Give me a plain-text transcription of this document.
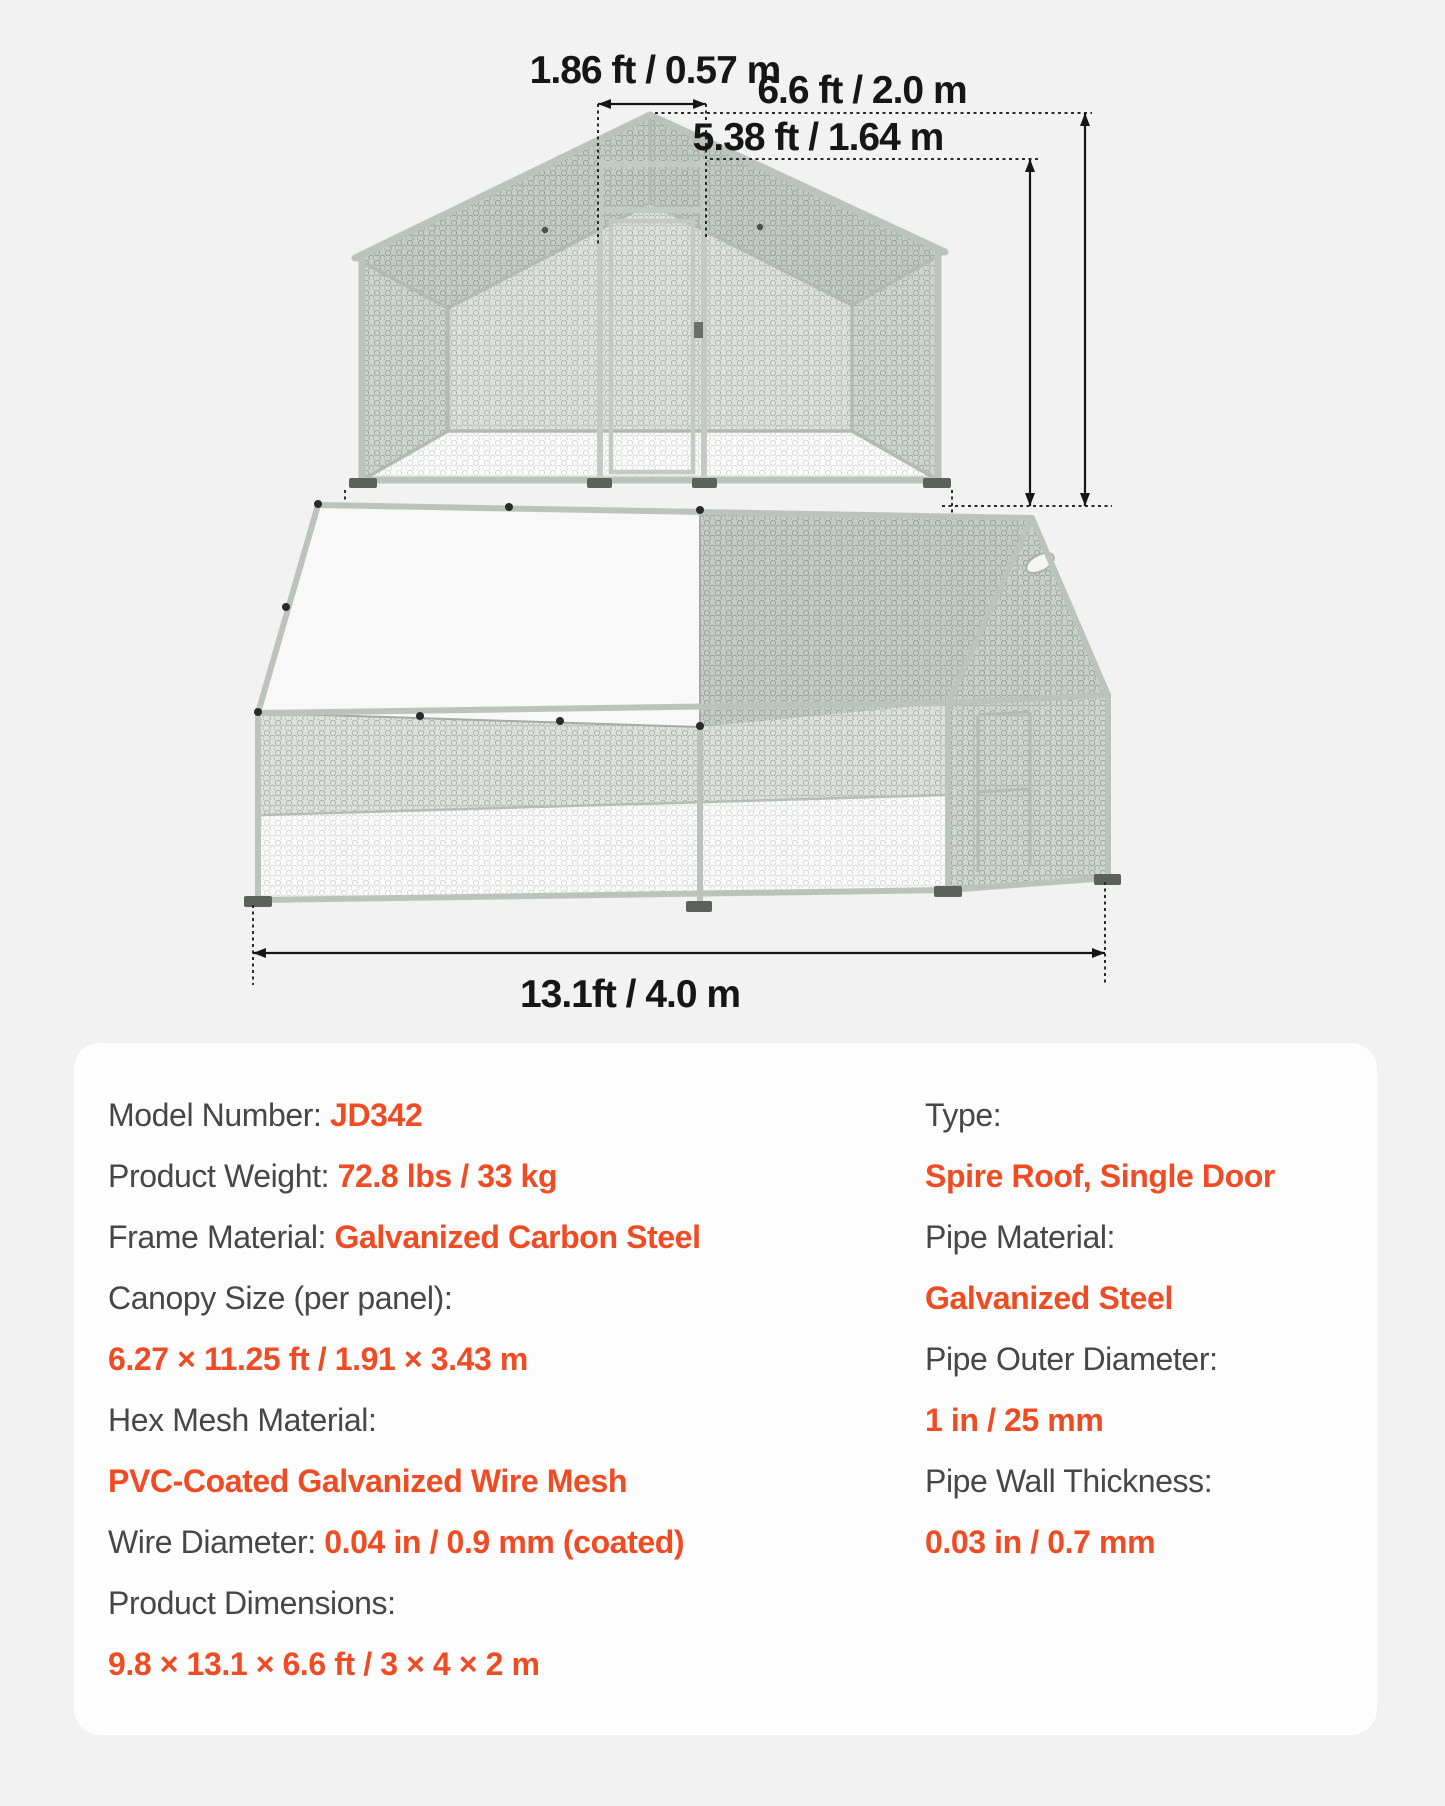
1.86 ft / 0.57 m
6.6 ft / 2.0 m
5.38 ft / 1.64 m
13.1ft / 4.0 m
Model Number: JD342
Product Weight: 72.8 lbs / 33 kg
Frame Material: Galvanized Carbon Steel
Canopy Size (per panel):
6.27 × 11.25 ft / 1.91 × 3.43 m
Hex Mesh Material:
PVC-Coated Galvanized Wire Mesh
Wire Diameter: 0.04 in / 0.9 mm (coated)
Product Dimensions:
9.8 × 13.1 × 6.6 ft / 3 × 4 × 2 m
Type:
Spire Roof, Single Door
Pipe Material:
Galvanized Steel
Pipe Outer Diameter:
1 in / 25 mm
Pipe Wall Thickness:
0.03 in / 0.7 mm
